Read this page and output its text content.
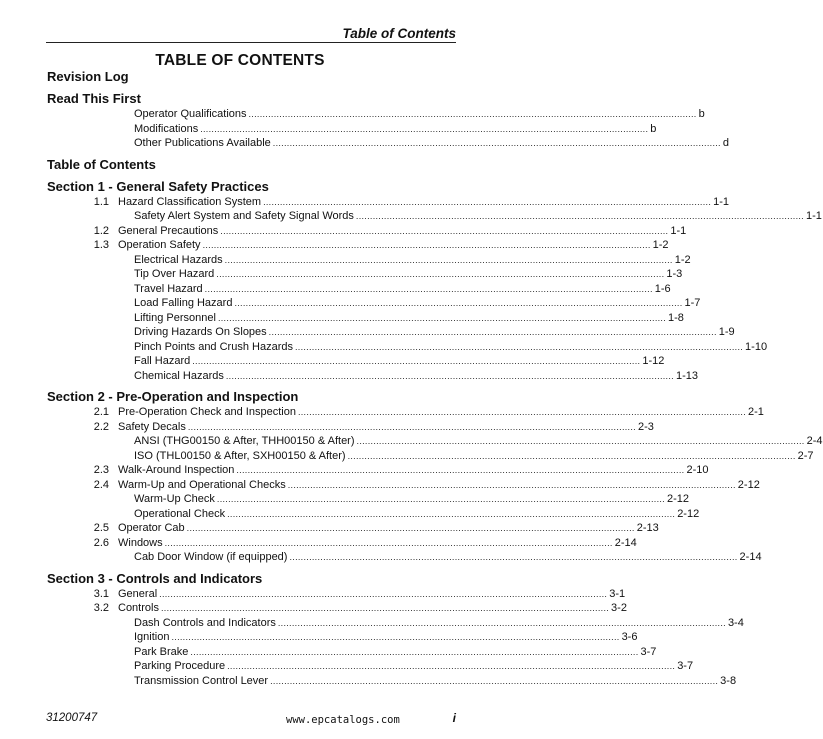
Table of Contents
TABLE OF CONTENTS
Revision Log
Read This First
Operator Qualifications ................................................................................................................................................................ b
Modifications ................................................................................................................................................................ b
Other Publications Available ................................................................................................................................................................ d
Table of Contents
Section 1 - General Safety Practices
1.1 Hazard Classification System ................................................................................................................................................................ 1-1
Safety Alert System and Safety Signal Words ................................................................................................................................................................ 1-1
1.2 General Precautions ................................................................................................................................................................ 1-1
1.3 Operation Safety ................................................................................................................................................................ 1-2
Electrical Hazards ................................................................................................................................................................ 1-2
Tip Over Hazard ................................................................................................................................................................ 1-3
Travel Hazard ................................................................................................................................................................ 1-6
Load Falling Hazard ................................................................................................................................................................ 1-7
Lifting Personnel ................................................................................................................................................................ 1-8
Driving Hazards On Slopes ................................................................................................................................................................ 1-9
Pinch Points and Crush Hazards ................................................................................................................................................................ 1-10
Fall Hazard ................................................................................................................................................................ 1-12
Chemical Hazards ................................................................................................................................................................ 1-13
Section 2 - Pre-Operation and Inspection
2.1 Pre-Operation Check and Inspection ................................................................................................................................................................ 2-1
2.2 Safety Decals ................................................................................................................................................................ 2-3
ANSI (THG00150 & After, THH00150 & After) ................................................................................................................................................................ 2-4
ISO (THL00150 & After, SXH00150 & After) ................................................................................................................................................................ 2-7
2.3 Walk-Around Inspection ................................................................................................................................................................ 2-10
2.4 Warm-Up and Operational Checks ................................................................................................................................................................ 2-12
Warm-Up Check ................................................................................................................................................................ 2-12
Operational Check ................................................................................................................................................................ 2-12
2.5 Operator Cab ................................................................................................................................................................ 2-13
2.6 Windows ................................................................................................................................................................ 2-14
Cab Door Window (if equipped) ................................................................................................................................................................ 2-14
Section 3 - Controls and Indicators
3.1 General ................................................................................................................................................................ 3-1
3.2 Controls ................................................................................................................................................................ 3-2
Dash Controls and Indicators ................................................................................................................................................................ 3-4
Ignition ................................................................................................................................................................ 3-6
Park Brake ................................................................................................................................................................ 3-7
Parking Procedure ................................................................................................................................................................ 3-7
Transmission Control Lever ................................................................................................................................................................ 3-8
31200747	www.epcatalogs.com	i
